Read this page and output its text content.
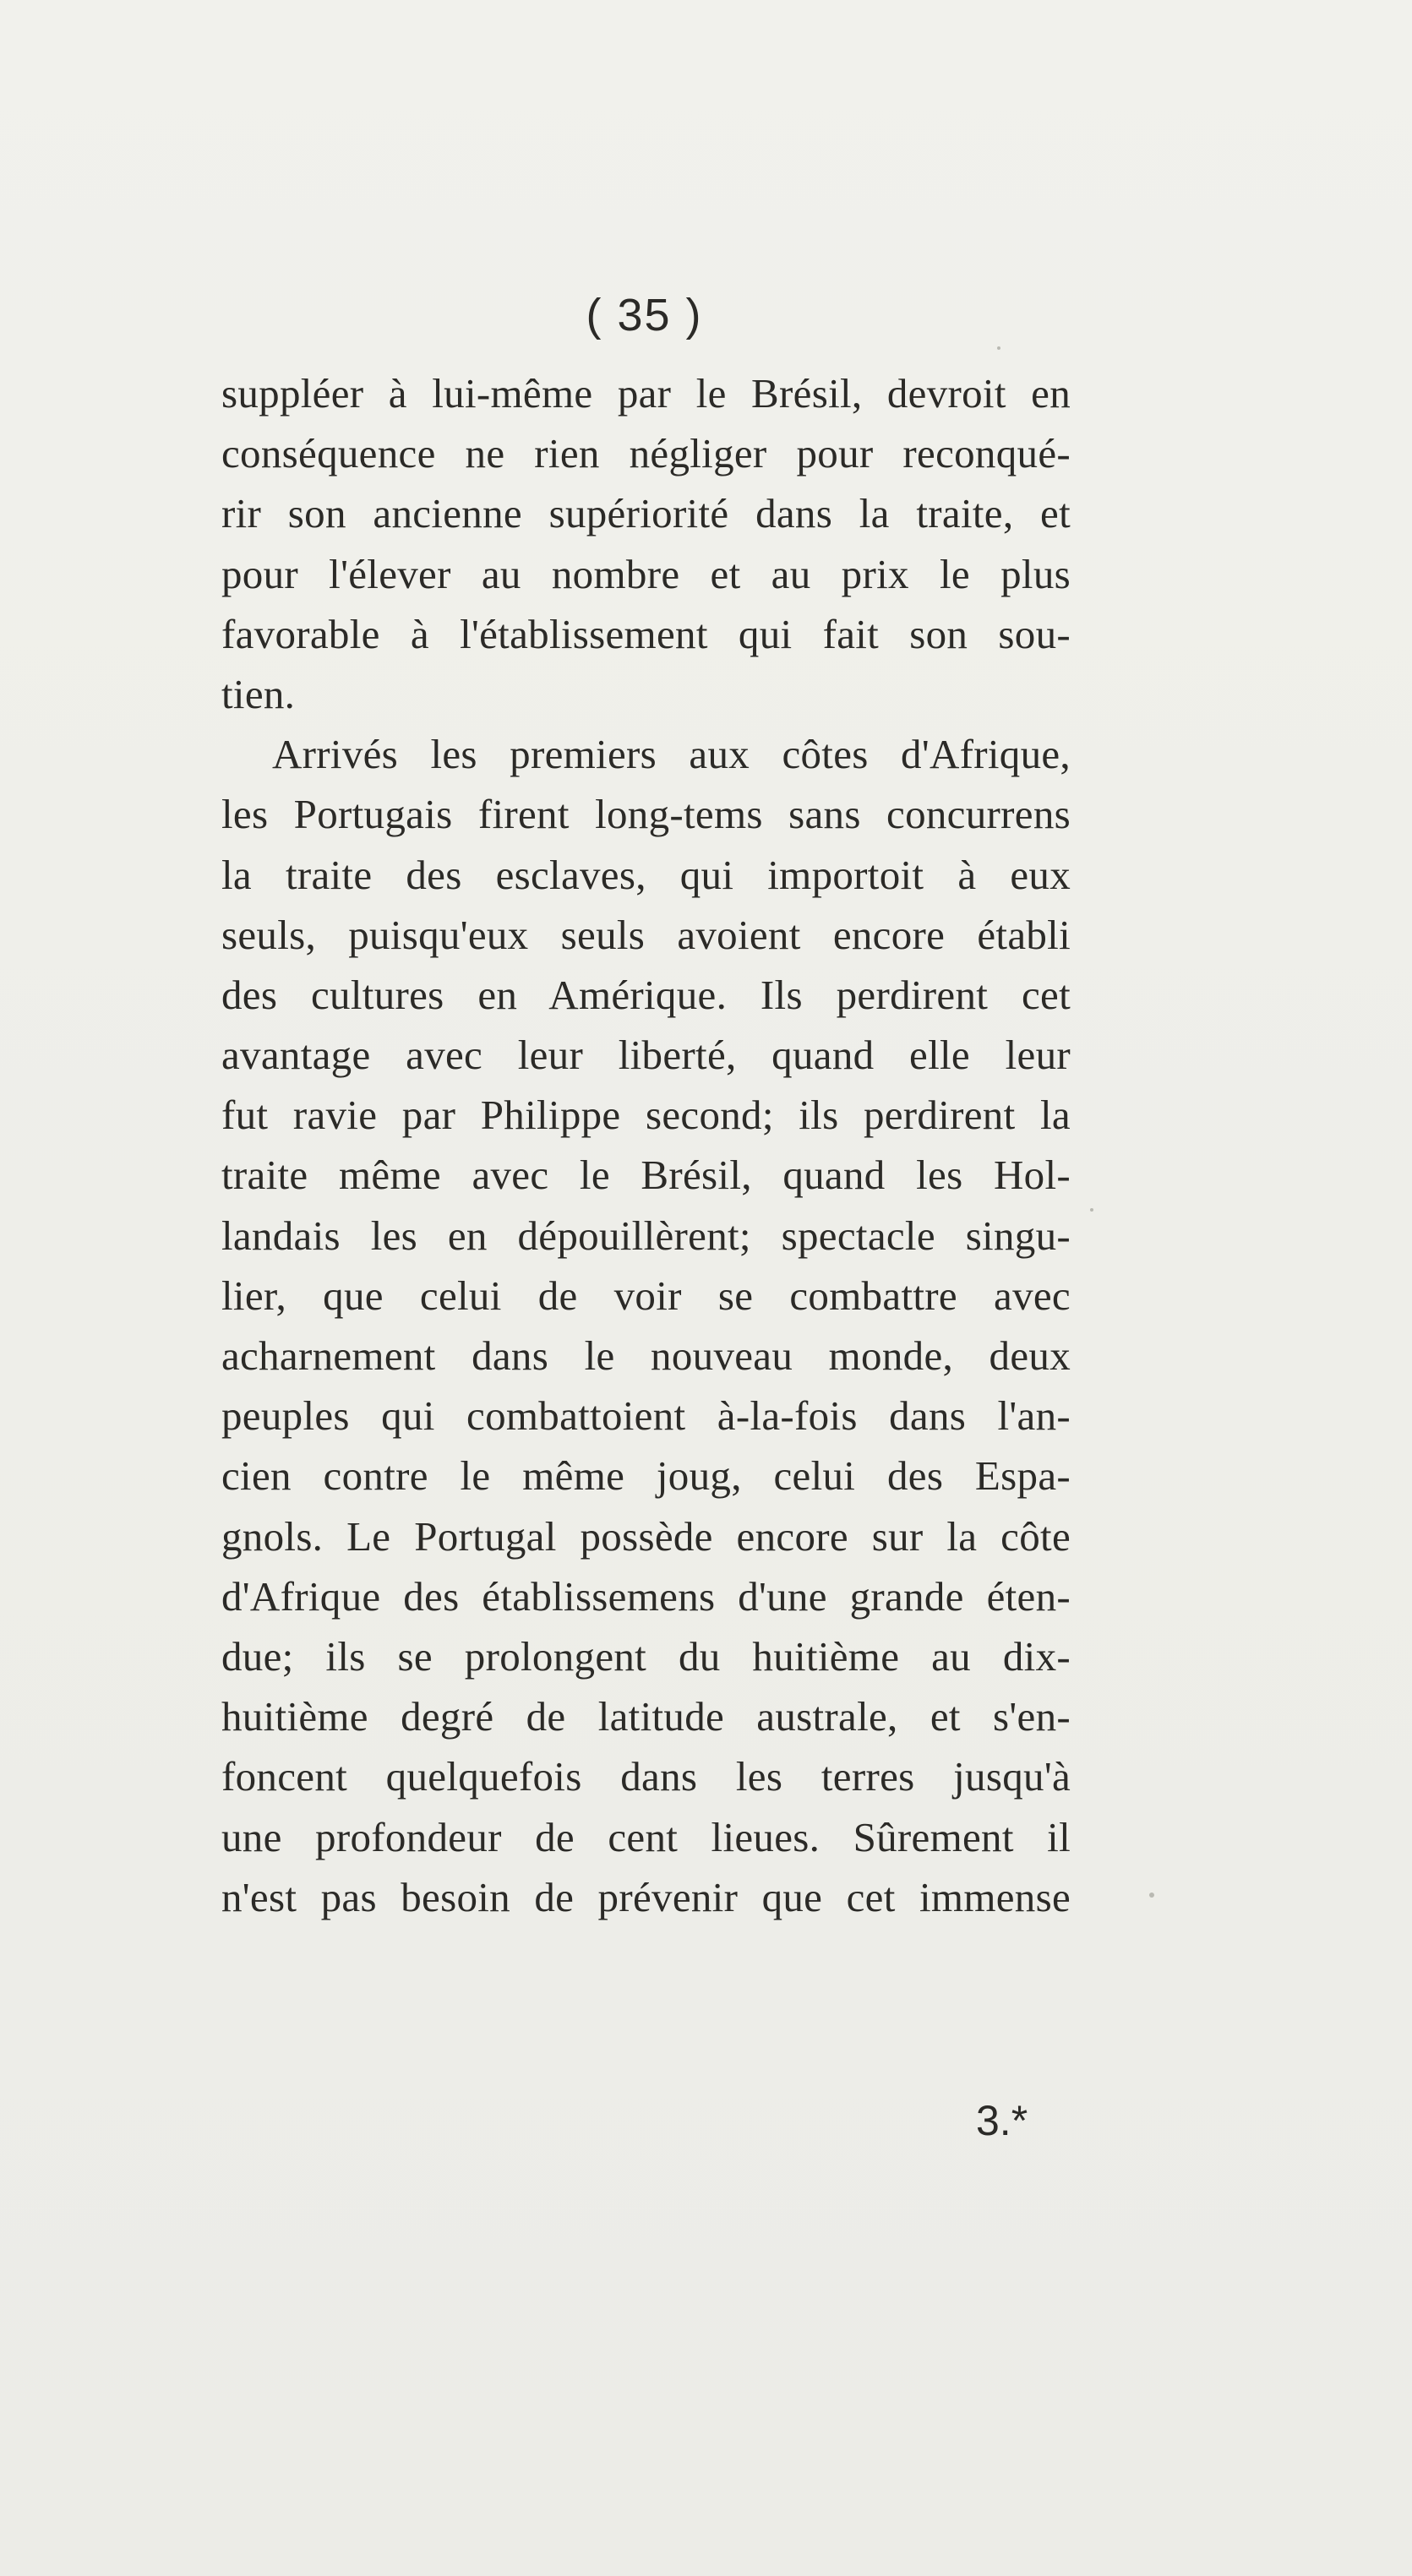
( 35 )
suppléer à lui-même par le Brésil, devroit en
conséquence ne rien négliger pour reconqué-
rir son ancienne supériorité dans la traite, et
pour l'élever au nombre et au prix le plus
favorable à l'établissement qui fait son sou-
tien.
Arrivés les premiers aux côtes d'Afrique,
les Portugais firent long-tems sans concurrens
la traite des esclaves, qui importoit à eux
seuls, puisqu'eux seuls avoient encore établi
des cultures en Amérique. Ils perdirent cet
avantage avec leur liberté, quand elle leur
fut ravie par Philippe second; ils perdirent la
traite même avec le Brésil, quand les Hol-
landais les en dépouillèrent; spectacle singu-
lier, que celui de voir se combattre avec
acharnement dans le nouveau monde, deux
peuples qui combattoient à-la-fois dans l'an-
cien contre le même joug, celui des Espa-
gnols. Le Portugal possède encore sur la côte
d'Afrique des établissemens d'une grande éten-
due; ils se prolongent du huitième au dix-
huitième degré de latitude australe, et s'en-
foncent quelquefois dans les terres jusqu'à
une profondeur de cent lieues. Sûrement il
n'est pas besoin de prévenir que cet immense
3.*
